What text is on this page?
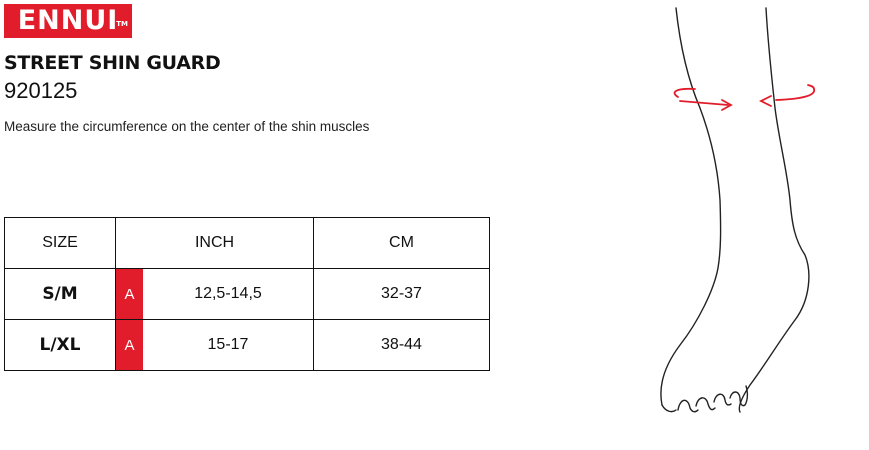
ENNUI
TM
STREET SHIN GUARD
920125
Measure the circumference on the center of the shin muscles
SIZE	INCH		CM
S/M	A	12,5-14,5	32-37
L/XL	A	15-17	38-44
